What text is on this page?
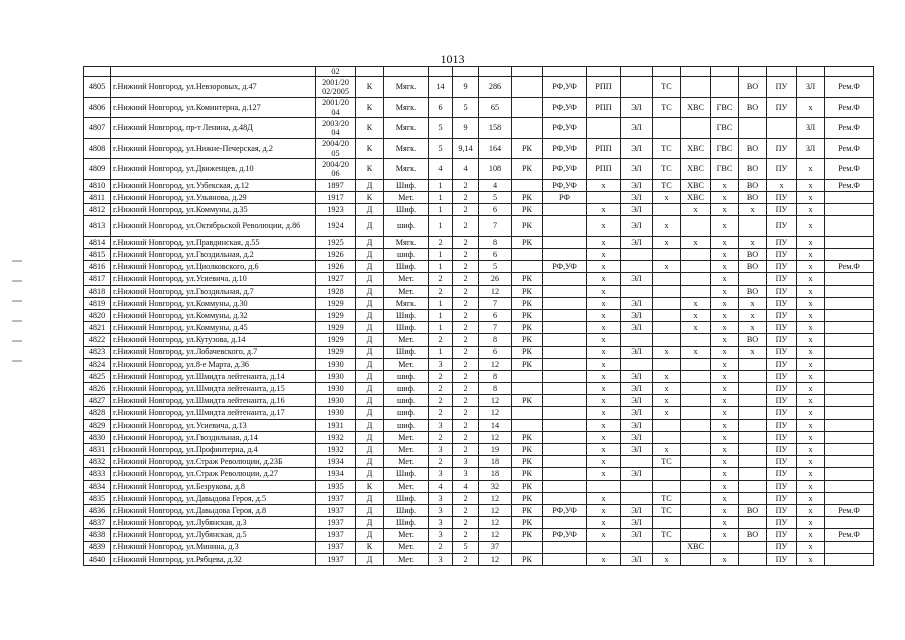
1013
		02																
4805	г.Нижний Новгород, ул.Невзоровых, д.47	2001/20 02/2005	К	Мягк.	14	9	286		РФ,УФ	РПП		ТС			ВО	ПУ	ЗЛ	Рем.Ф
4806	г.Нижний Новгород, ул.Коминтерна, д.127	2001/20 04	К	Мягк.	6	5	65		РФ,УФ	РПП	ЭЛ	ТС	ХВС	ГВС	ВО	ПУ	х	Рем.Ф
4807	г.Нижний Новгород, пр-т Ленина, д.48Д	2003/20 04	К	Мягк.	5	9	158		РФ,УФ		ЭЛ			ГВС			ЗЛ	Рем.Ф
4808	г.Нижний Новгород, ул.Нижне-Печерская, д.2	2004/20 05	К	Мягк.	5	9,14	164	РК	РФ,УФ	РПП	ЭЛ	ТС	ХВС	ГВС	ВО	ПУ	ЗЛ	Рем.Ф
4809	г.Нижний Новгород, ул.Движенцев, д.10	2004/20 06	К	Мягк.	4	4	108	РК	РФ,УФ	РПП	ЭЛ	ТС	ХВС	ГВС	ВО	ПУ	х	Рем.Ф
4810	г.Нижний Новгород, ул.Узбекская, д.12	1897	Д	Шиф.	1	2	4		РФ,УФ	х	ЭЛ	ТС	ХВС	х	ВО	х	х	Рем.Ф
4811	г.Нижний Новгород, ул.Ульянова, д.29	1917	К	Мет.	1	2	5	РК	РФ		ЭЛ	х	ХВС	х	ВО	ПУ	х	
4812	г.Нижний Новгород, ул.Коммуны, д.35	1923	Д	Шиф.	1	2	6	РК		х	ЭЛ		х	х	х	ПУ	х	
4813	г.Нижний Новгород, ул.Октябрьской Революции, д.86	1924	Д	шиф.	1	2	7	РК		х	ЭЛ	х		х		ПУ	х	
4814	г.Нижний Новгород, ул.Правдинская, д.55	1925	Д	Мягк.	2	2	8	РК		х	ЭЛ	х	х	х	х	ПУ	х	
4815	г.Нижний Новгород, ул.Гвоздильная, д.2	1926	Д	шиф.	1	2	6			х				х	ВО	ПУ	х	
4816	г.Нижний Новгород, ул.Циолковского, д.6	1926	Д	Шиф.	1	2	5		РФ,УФ	х		х		х	ВО	ПУ	х	Рем.Ф
4817	г.Нижний Новгород, ул.Усиевича, д.10	1927	Д	Мет.	2	2	26	РК		х	ЭЛ			х		ПУ	х	
4818	г.Нижний Новгород, ул.Гвоздильная, д.7	1928	Д	Мет.	2	2	12	РК		х				х	ВО	ПУ	х	
4819	г.Нижний Новгород, ул.Коммуны, д.30	1929	Д	Мягк.	1	2	7	РК		х	ЭЛ		х	х	х	ПУ	х	
4820	г.Нижний Новгород, ул.Коммуны, д.32	1929	Д	Шиф.	1	2	6	РК		х	ЭЛ		х	х	х	ПУ	х	
4821	г.Нижний Новгород, ул.Коммуны, д.45	1929	Д	Шиф.	1	2	7	РК		х	ЭЛ		х	х	х	ПУ	х	
4822	г.Нижний Новгород, ул.Кутузова, д.14	1929	Д	Мет.	2	2	8	РК		х				х	ВО	ПУ	х	
4823	г.Нижний Новгород, ул.Лобачевского, д.7	1929	Д	Шиф.	1	2	6	РК		х	ЭЛ	х	х	х	х	ПУ	х	
4824	г.Нижний Новгород, ул.8-е Марта, д.36	1930	Д	Мет.	3	2	12	РК		х				х		ПУ	х	
4825	г.Нижний Новгород, ул.Шмидта лейтенанта, д.14	1930	Д	шиф.	2	2	8			х	ЭЛ	х		х		ПУ	х	
4826	г.Нижний Новгород, ул.Шмидта лейтенанта, д.15	1930	Д	шиф.	2	2	8			х	ЭЛ	х		х		ПУ	х	
4827	г.Нижний Новгород, ул.Шмидта лейтенанта, д.16	1930	Д	шиф.	2	2	12	РК		х	ЭЛ	х		х		ПУ	х	
4828	г.Нижний Новгород, ул.Шмидта лейтенанта, д.17	1930	Д	шиф.	2	2	12			х	ЭЛ	х		х		ПУ	х	
4829	г.Нижний Новгород, ул.Усиевича, д.13	1931	Д	шиф.	3	2	14			х	ЭЛ			х		ПУ	х	
4830	г.Нижний Новгород, ул.Гвоздильная, д.14	1932	Д	Мет.	2	2	12	РК		х	ЭЛ			х		ПУ	х	
4831	г.Нижний Новгород, ул.Профинтерна, д.4	1932	Д	Мет.	3	2	19	РК		х	ЭЛ	х		х		ПУ	х	
4832	г.Нижний Новгород, ул.Страж Революции, д.23Б	1934	Д	Мет.	2	3	18	РК		х		ТС		х		ПУ	х	
4833	г.Нижний Новгород, ул.Страж Революции, д.27	1934	Д	Шиф.	3	3	18	РК		х	ЭЛ			х		ПУ	х	
4834	г.Нижний Новгород, ул.Безрукова, д.8	1935	К	Мет.	4	4	32	РК						х		ПУ	х	
4835	г.Нижний Новгород, ул.Давыдова Героя, д.5	1937	Д	Шиф.	3	2	12	РК		х		ТС		х		ПУ	х	
4836	г.Нижний Новгород, ул.Давыдова Героя, д.8	1937	Д	Шиф.	3	2	12	РК	РФ,УФ	х	ЭЛ	ТС		х	ВО	ПУ	х	Рем.Ф
4837	г.Нижний Новгород, ул.Лубянская, д.3	1937	Д	Шиф.	3	2	12	РК		х	ЭЛ			х		ПУ	х	
4838	г.Нижний Новгород, ул.Лубянская, д.5	1937	Д	Мет.	3	2	12	РК	РФ,УФ	х	ЭЛ	ТС		х	ВО	ПУ	х	Рем.Ф
4839	г.Нижний Новгород, ул.Минина, д.3	1937	К	Мет.	2	5	37						ХВС			ПУ	х	
4840	г.Нижний Новгород, ул.Рябцева, д.32	1937	Д	Мет.	3	2	12	РК		х	ЭЛ	х		х		ПУ	х	
